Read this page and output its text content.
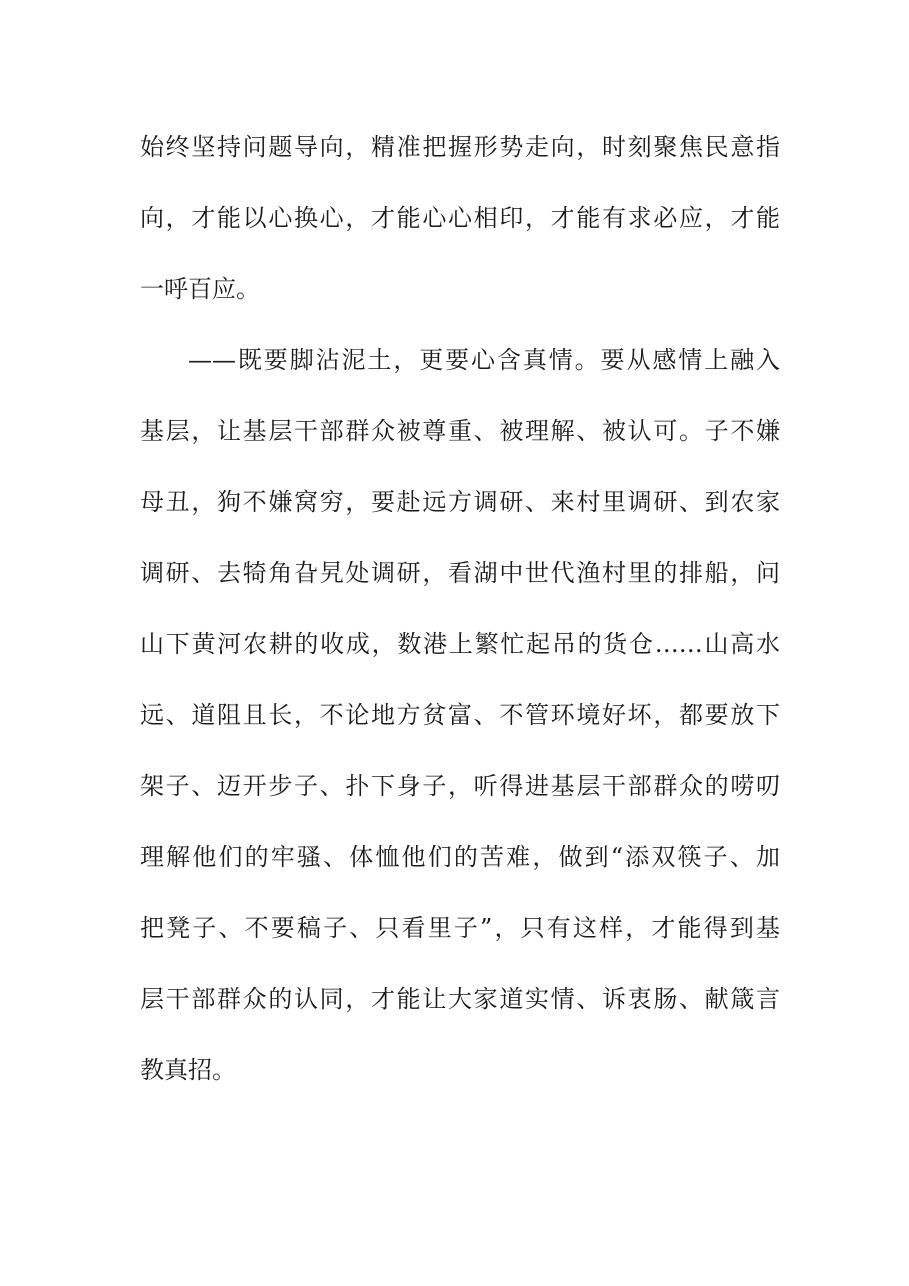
始终坚持问题导向，精准把握形势走向，时刻聚焦民意指
向，才能以心换心，才能心心相印，才能有求必应，才能
一呼百应。
——既要脚沾泥土，更要心含真情。要从感情上融入
基层，让基层干部群众被尊重、被理解、被认可。子不嫌
母丑，狗不嫌窝穷，要赴远方调研、来村里调研、到农家
调研、去犄角旮旯处调研，看湖中世代渔村里的排船，问
山下黄河农耕的收成，数港上繁忙起吊的货仓……山高水
远、道阻且长，不论地方贫富、不管环境好坏，都要放下
架子、迈开步子、扑下身子，听得进基层干部群众的唠叨
理解他们的牢骚、体恤他们的苦难，做到“添双筷子、加
把凳子、不要稿子、只看里子”，只有这样，才能得到基
层干部群众的认同，才能让大家道实情、诉衷肠、献箴言
教真招。
